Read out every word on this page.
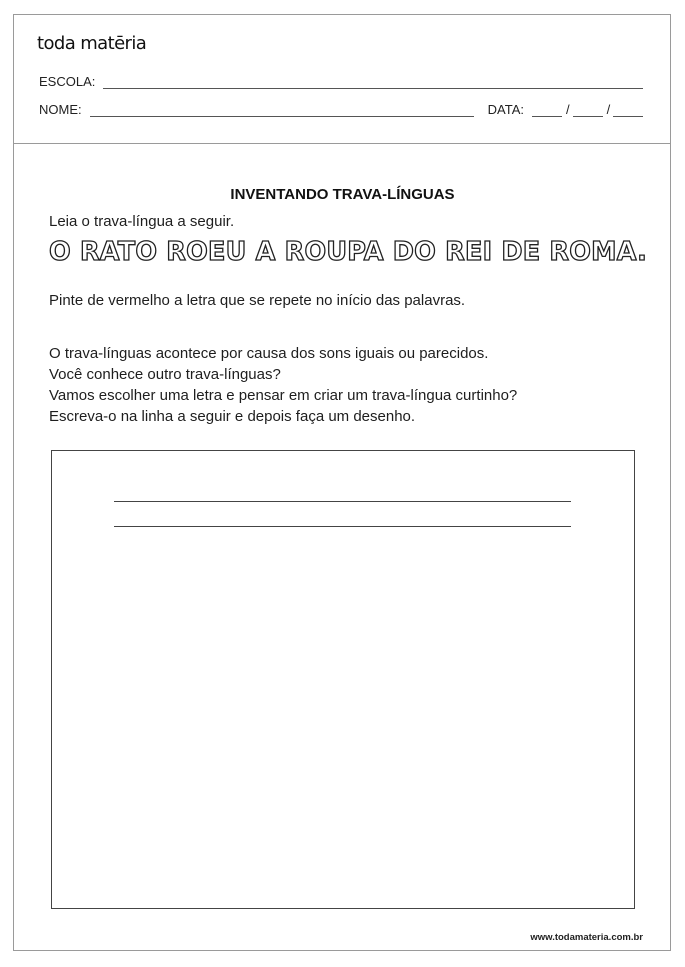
toda matēria
ESCOLA:
NOME:	DATA:	/	/
INVENTANDO TRAVA-LÍNGUAS
Leia o trava-língua a seguir.
O RATO ROEU A ROUPA DO REI DE ROMA.
Pinte de vermelho a letra que se repete no início das palavras.
O trava-línguas acontece por causa dos sons iguais ou parecidos.
Você conhece outro trava-línguas?
Vamos escolher uma letra e pensar em criar um trava-língua curtinho?
Escreva-o na linha a seguir e depois faça um desenho.
www.todamateria.com.br
